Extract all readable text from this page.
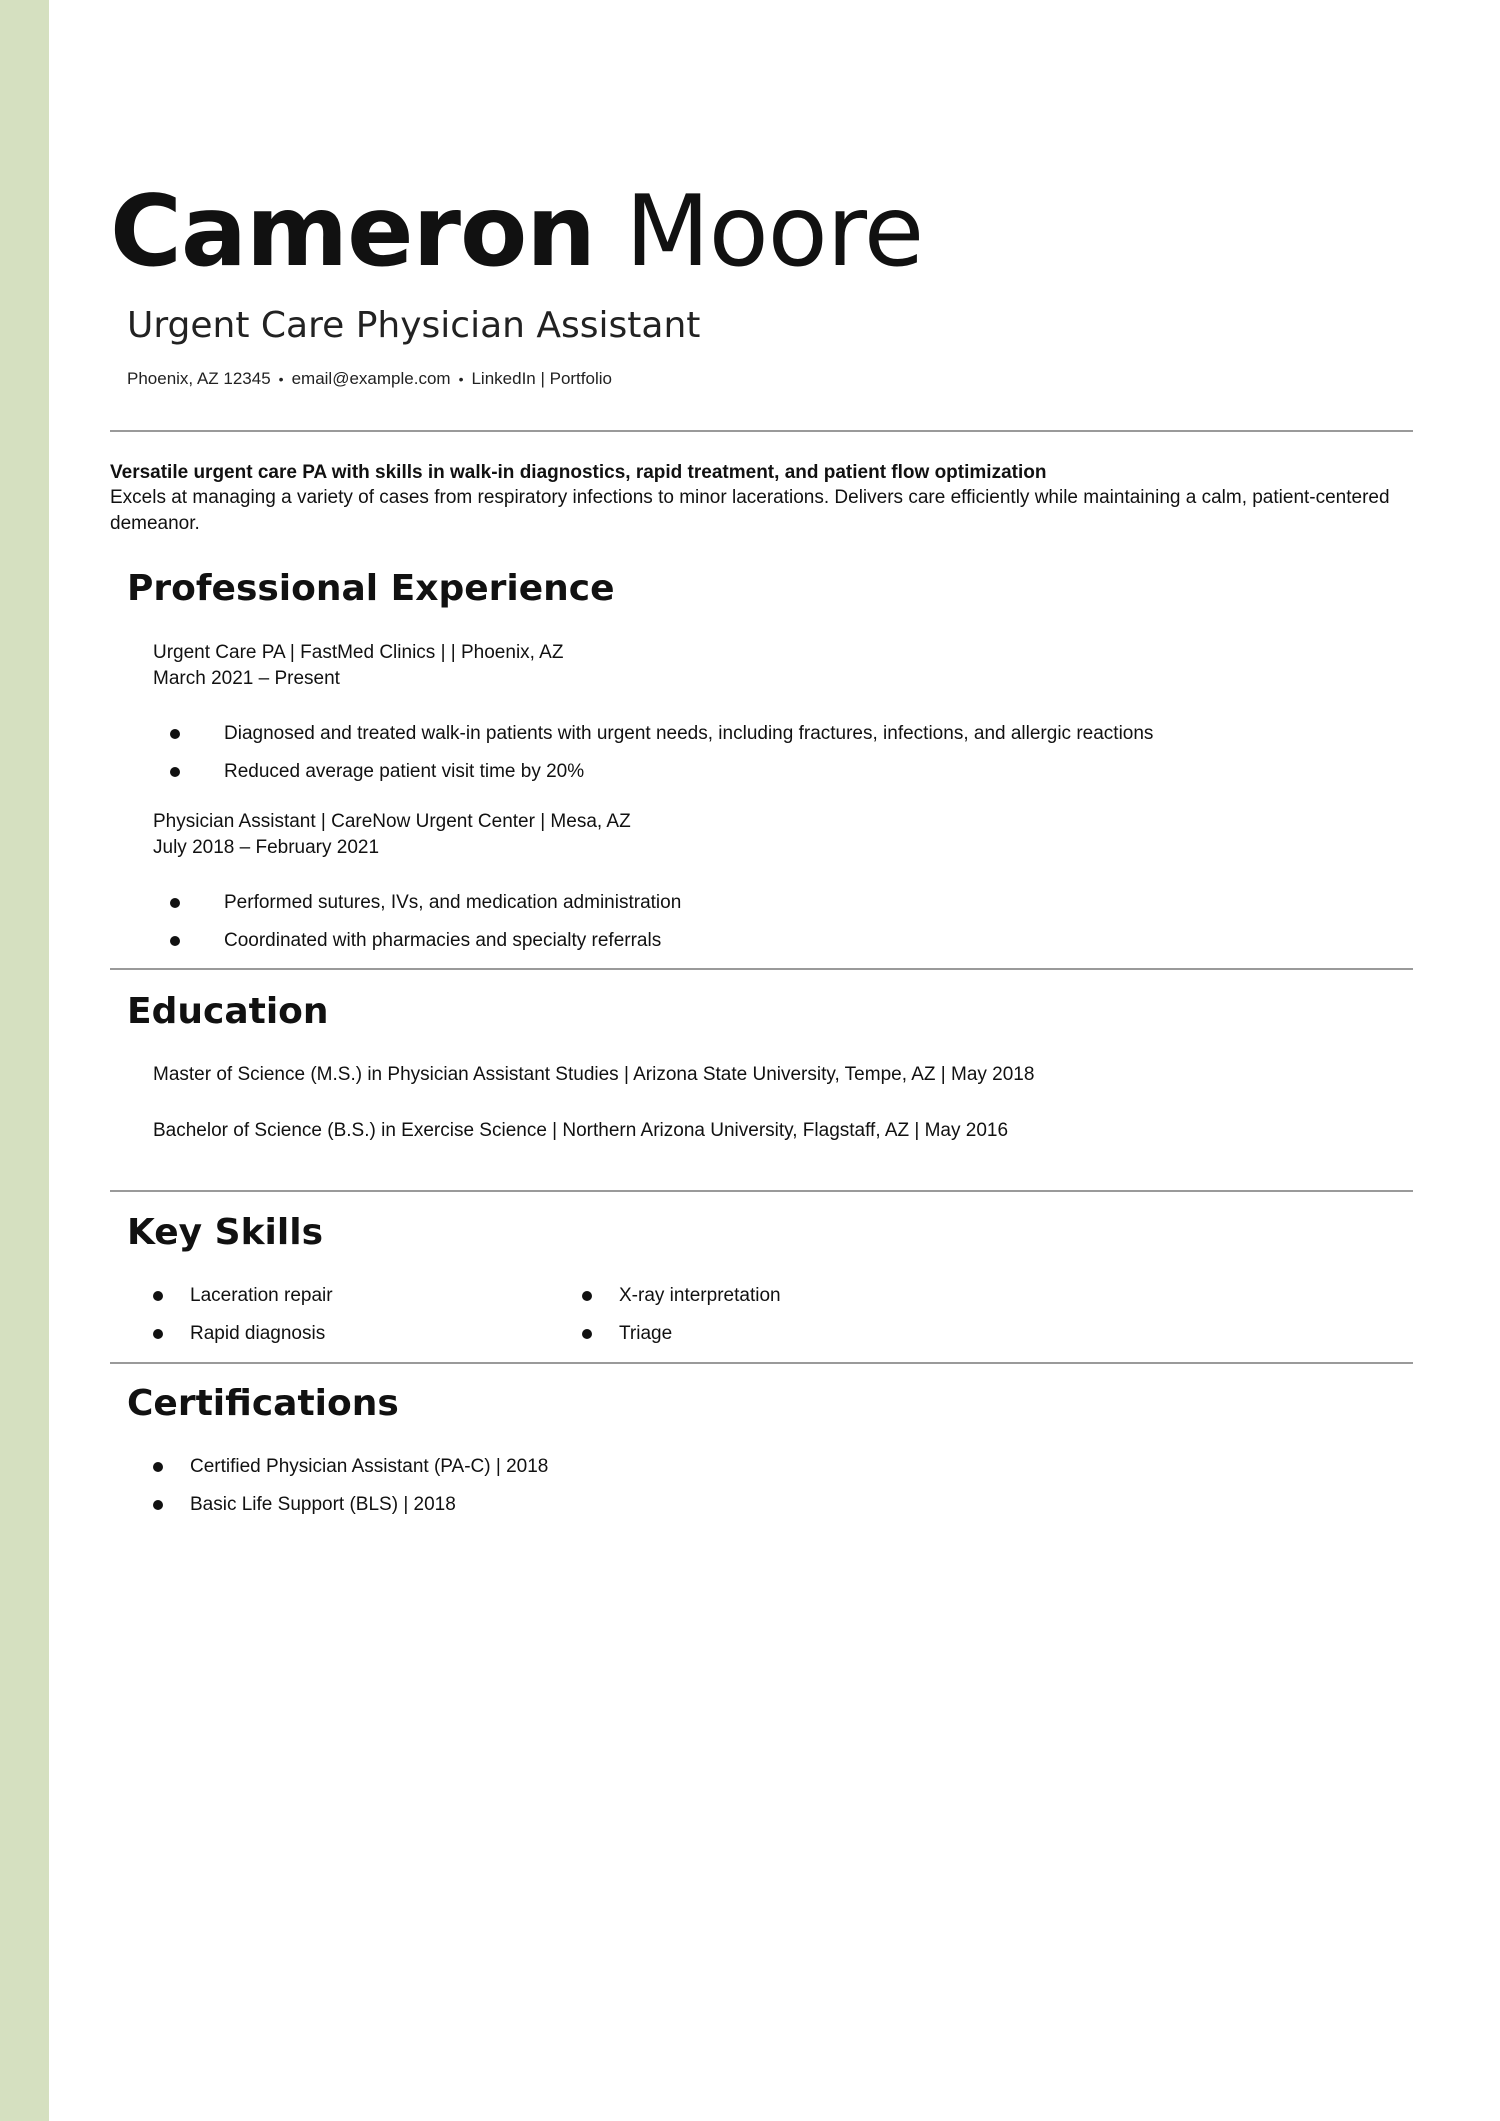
Cameron Moore
Urgent Care Physician Assistant
Phoenix, AZ 12345 • email@example.com • LinkedIn | Portfolio
Versatile urgent care PA with skills in walk-in diagnostics, rapid treatment, and patient flow optimization
Excels at managing a variety of cases from respiratory infections to minor lacerations. Delivers care efficiently while maintaining a calm, patient-centered demeanor.
Professional Experience
Urgent Care PA | FastMed Clinics | | Phoenix, AZ
March 2021 – Present
Diagnosed and treated walk-in patients with urgent needs, including fractures, infections, and allergic reactions
Reduced average patient visit time by 20%
Physician Assistant | CareNow Urgent Center | Mesa, AZ
July 2018 – February 2021
Performed sutures, IVs, and medication administration
Coordinated with pharmacies and specialty referrals
Education
Master of Science (M.S.) in Physician Assistant Studies | Arizona State University, Tempe, AZ | May 2018
Bachelor of Science (B.S.) in Exercise Science | Northern Arizona University, Flagstaff, AZ | May 2016
Key Skills
Laceration repair	X-ray interpretation
Rapid diagnosis	Triage
Certifications
Certified Physician Assistant (PA-C) | 2018
Basic Life Support (BLS) | 2018
